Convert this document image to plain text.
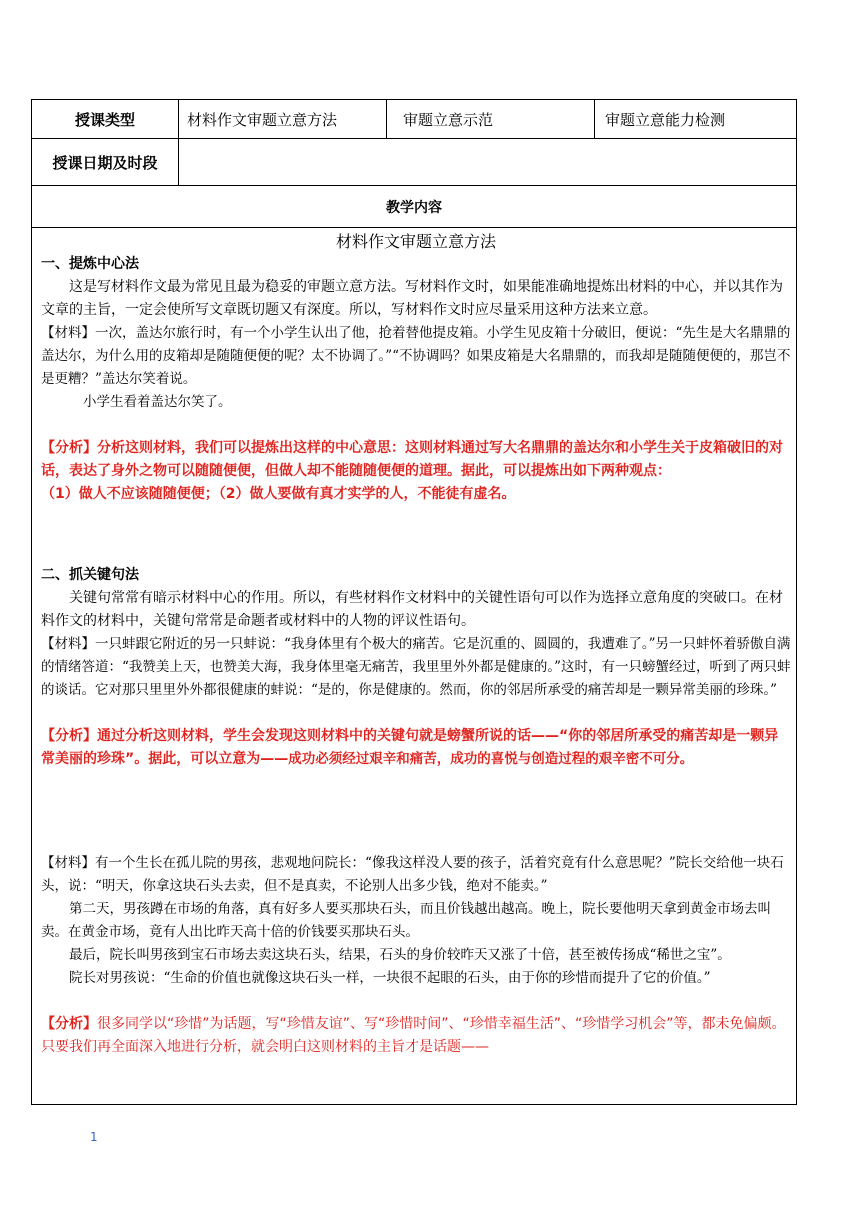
授课类型	材料作文审题立意方法	审题立意示范	审题立意能力检测
授课日期及时段
教学内容
材料作文审题立意方法
一、提炼中心法
这是写材料作文最为常见且最为稳妥的审题立意方法。写材料作文时，如果能准确地提炼出材料的中心，并以其作为文章的主旨，一定会使所写文章既切题又有深度。所以，写材料作文时应尽量采用这种方法来立意。
【材料】一次，盖达尔旅行时，有一个小学生认出了他，抢着替他提皮箱。小学生见皮箱十分破旧，便说：“先生是大名鼎鼎的盖达尔，为什么用的皮箱却是随随便便的呢？太不协调了。”“不协调吗？如果皮箱是大名鼎鼎的，而我却是随随便便的，那岂不是更糟？”盖达尔笑着说。
小学生看着盖达尔笑了。
【分析】分析这则材料，我们可以提炼出这样的中心意思：这则材料通过写大名鼎鼎的盖达尔和小学生关于皮箱破旧的对话，表达了身外之物可以随随便便，但做人却不能随随便便的道理。据此，可以提炼出如下两种观点：
（1）做人不应该随随便便；（2）做人要做有真才实学的人，不能徒有虚名。
二、抓关键句法
关键句常常有暗示材料中心的作用。所以，有些材料作文材料中的关键性语句可以作为选择立意角度的突破口。在材料作文的材料中，关键句常常是命题者或材料中的人物的评议性语句。
【材料】一只蚌跟它附近的另一只蚌说：“我身体里有个极大的痛苦。它是沉重的、圆圆的，我遭难了。”另一只蚌怀着骄傲自满的情绪答道：“我赞美上天，也赞美大海，我身体里毫无痛苦，我里里外外都是健康的。”这时，有一只螃蟹经过，听到了两只蚌的谈话。它对那只里里外外都很健康的蚌说：“是的，你是健康的。然而，你的邻居所承受的痛苦却是一颗异常美丽的珍珠。”
【分析】通过分析这则材料，学生会发现这则材料中的关键句就是螃蟹所说的话——“你的邻居所承受的痛苦却是一颗异常美丽的珍珠”。据此，可以立意为——成功必须经过艰辛和痛苦，成功的喜悦与创造过程的艰辛密不可分。
【材料】有一个生长在孤儿院的男孩，悲观地问院长：“像我这样没人要的孩子，活着究竟有什么意思呢？”院长交给他一块石头，说：“明天，你拿这块石头去卖，但不是真卖，不论别人出多少钱，绝对不能卖。”
第二天，男孩蹲在市场的角落，真有好多人要买那块石头，而且价钱越出越高。晚上，院长要他明天拿到黄金市场去叫卖。在黄金市场，竟有人出比昨天高十倍的价钱要买那块石头。
最后，院长叫男孩到宝石市场去卖这块石头，结果，石头的身价较昨天又涨了十倍，甚至被传扬成“稀世之宝”。
院长对男孩说：“生命的价值也就像这块石头一样，一块很不起眼的石头，由于你的珍惜而提升了它的价值。”
【分析】很多同学以“珍惜”为话题，写“珍惜友谊”、写“珍惜时间”、“珍惜幸福生活”、“珍惜学习机会”等，都未免偏颇。只要我们再全面深入地进行分析，就会明白这则材料的主旨才是话题——
1
